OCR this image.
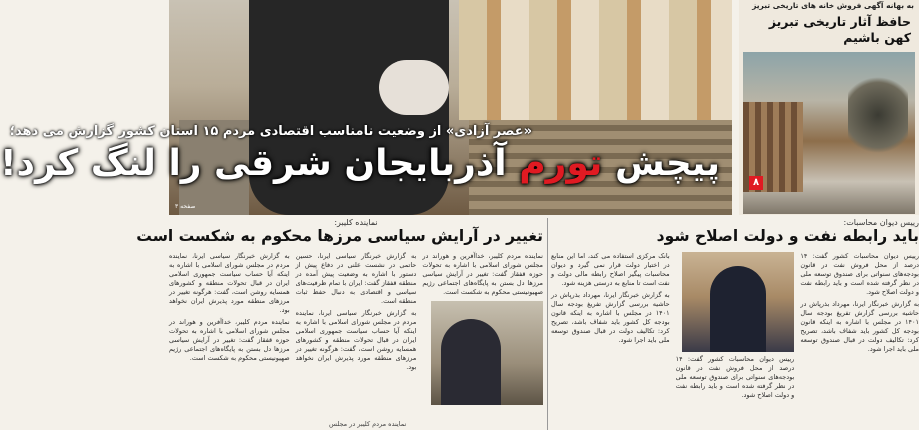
«عصر آزادی» از وضعیت نامناسب اقتصادی مردم ۱۵ استان کشور گزارش می دهد؛
پیچش تورم آذربایجان شرقی را لنگ کرد!
صفحه ۳
به بهانه آگهی فروش خانه های تاریخی تبریز
حافظ آثار تاریخی تبریز کهن باشیم
۸
رییس دیوان محاسبات:
باید رابطه نفت و دولت اصلاح شود

رییس دیوان محاسبات کشور گفت: ۱۴ درصد از محل فروش نفت در قانون بودجه‌های سنواتی برای صندوق توسعه ملی در نظر گرفته شده است و باید رابطه نفت و دولت اصلاح شود.

به گزارش خبرنگار ایرنا، مهرداد بذرپاش در حاشیه بررسی گزارش تفریغ بودجه سال ۱۴۰۱ در مجلس با اشاره به اینکه قانون بودجه کل کشور باید شفاف باشد، تصریح کرد: تکالیف دولت در قبال صندوق توسعه ملی باید اجرا شود.

رییس دیوان محاسبات کشور گفت: ۱۴ درصد از محل فروش نفت در قانون بودجه‌های سنواتی برای صندوق توسعه ملی در نظر گرفته شده است و باید رابطه نفت و دولت اصلاح شود.

بانک مرکزی استفاده می کند، اما این منابع در اختیار دولت قرار نمی گیرد و دیوان محاسبات پیگیر اصلاح رابطه مالی دولت و نفت است تا منابع به درستی هزینه شود.

به گزارش خبرنگار ایرنا، مهرداد بذرپاش در حاشیه بررسی گزارش تفریغ بودجه سال ۱۴۰۱ در مجلس با اشاره به اینکه قانون بودجه کل کشور باید شفاف باشد، تصریح کرد: تکالیف دولت در قبال صندوق توسعه ملی باید اجرا شود.

نماینده کلیبر:
تغییر در آرایش سیاسی مرزها محکوم به شکست است

نماینده مردم کلیبر، خداآفرین و هوراند در مجلس شورای اسلامی با اشاره به تحولات حوزه قفقاز گفت: تغییر در آرایش سیاسی مرزها دل بستن به پایگاه‌های اجتماعی رژیم صهیونیستی محکوم به شکست است.

به گزارش خبرنگار سیاسی ایرنا، حسین حاتمی در نشست علنی در دفاع پیش از دستور با اشاره به وضعیت پیش آمده در منطقه قفقاز گفت: ایران با تمام ظرفیت‌های سیاسی و اقتصادی به دنبال حفظ ثبات منطقه است.

به گزارش خبرنگار سیاسی ایرنا، نماینده مردم در مجلس شورای اسلامی با اشاره به اینکه آیا حساب سیاست جمهوری اسلامی ایران در قبال تحولات منطقه و کشورهای همسایه روشن است، گفت: هرگونه تغییر در مرزهای منطقه مورد پذیرش ایران نخواهد بود.

به گزارش خبرنگار سیاسی ایرنا، نماینده مردم در مجلس شورای اسلامی با اشاره به اینکه آیا حساب سیاست جمهوری اسلامی ایران در قبال تحولات منطقه و کشورهای همسایه روشن است، گفت: هرگونه تغییر در مرزهای منطقه مورد پذیرش ایران نخواهد بود.

نماینده مردم کلیبر، خداآفرین و هوراند در مجلس شورای اسلامی با اشاره به تحولات حوزه قفقاز گفت: تغییر در آرایش سیاسی مرزها دل بستن به پایگاه‌های اجتماعی رژیم صهیونیستی محکوم به شکست است.

نماینده مردم کلیبر در مجلس
